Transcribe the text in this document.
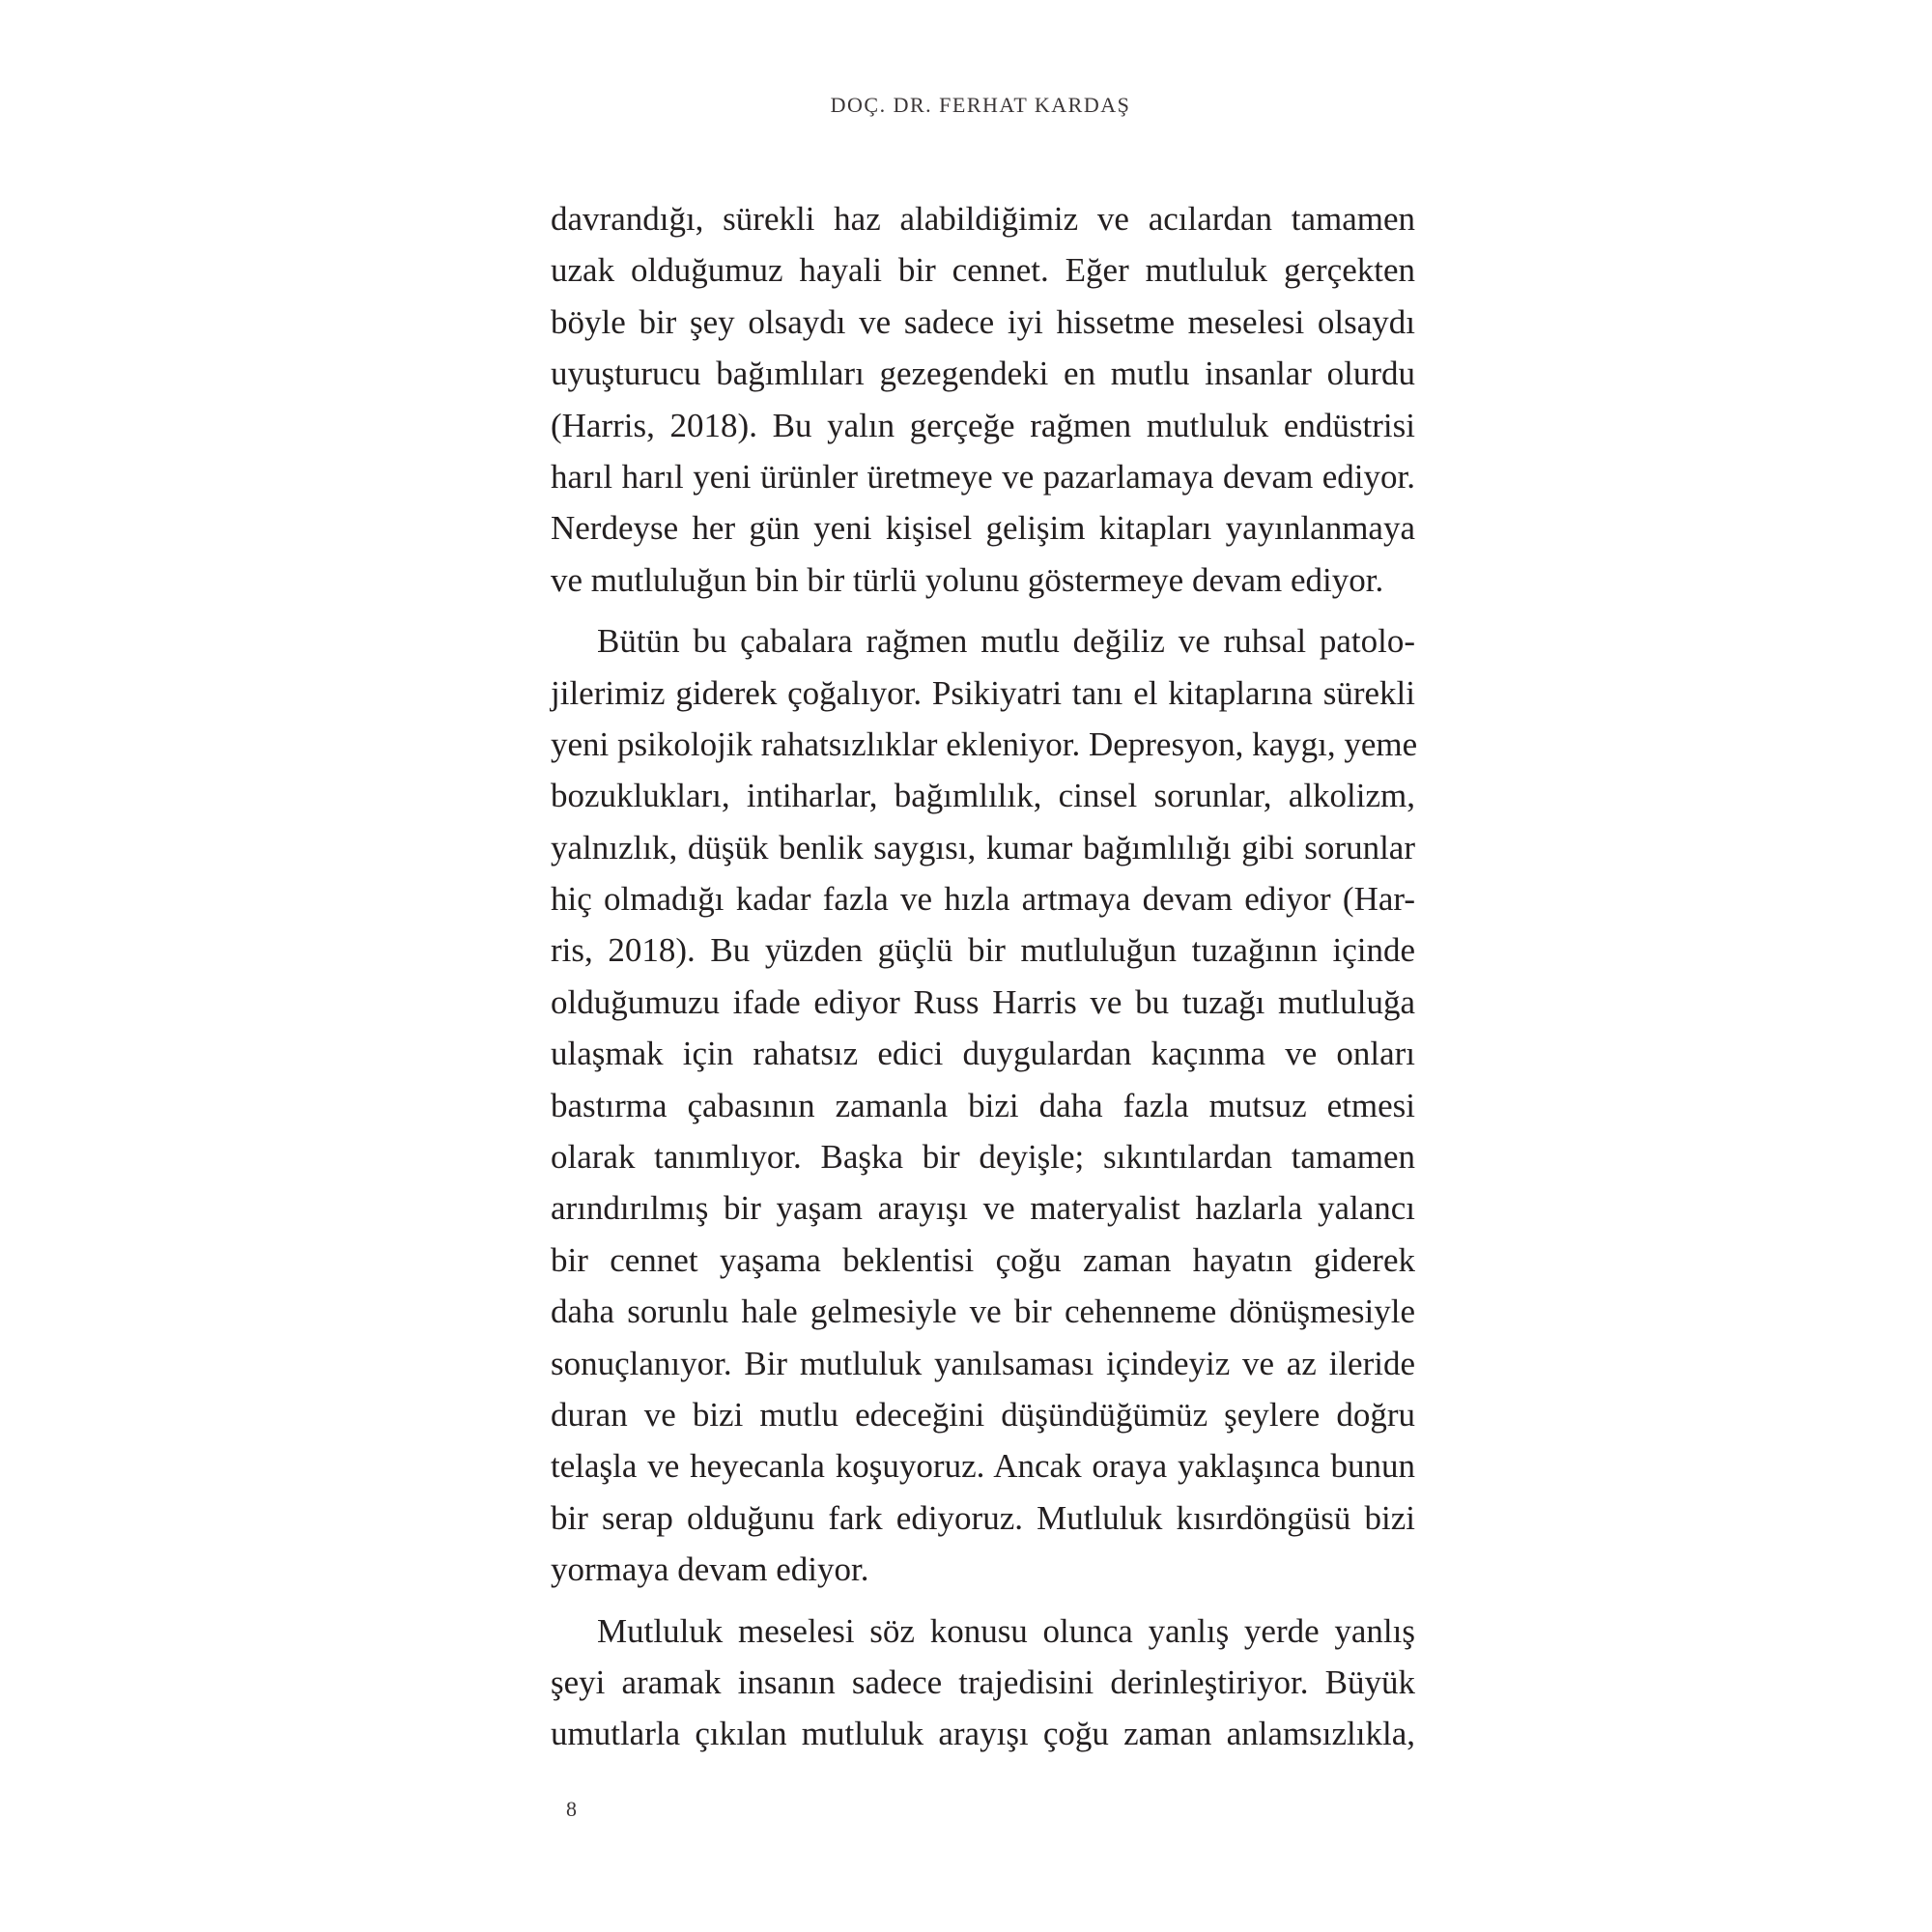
DOÇ. DR. FERHAT KARDAŞ
davrandığı, sürekli haz alabildiğimiz ve acılardan tamamen
uzak olduğumuz hayali bir cennet. Eğer mutluluk gerçekten
böyle bir şey olsaydı ve sadece iyi hissetme meselesi olsaydı
uyuşturucu bağımlıları gezegendeki en mutlu insanlar olurdu
(Harris, 2018). Bu yalın gerçeğe rağmen mutluluk endüstrisi
harıl harıl yeni ürünler üretmeye ve pazarlamaya devam ediyor.
Nerdeyse her gün yeni kişisel gelişim kitapları yayınlanmaya
ve mutluluğun bin bir türlü yolunu göstermeye devam ediyor.
Bütün bu çabalara rağmen mutlu değiliz ve ruhsal patolo-
jilerimiz giderek çoğalıyor. Psikiyatri tanı el kitaplarına sürekli
yeni psikolojik rahatsızlıklar ekleniyor. Depresyon, kaygı, yeme
bozuklukları, intiharlar, bağımlılık, cinsel sorunlar, alkolizm,
yalnızlık, düşük benlik saygısı, kumar bağımlılığı gibi sorunlar
hiç olmadığı kadar fazla ve hızla artmaya devam ediyor (Har-
ris, 2018). Bu yüzden güçlü bir mutluluğun tuzağının içinde
olduğumuzu ifade ediyor Russ Harris ve bu tuzağı mutluluğa
ulaşmak için rahatsız edici duygulardan kaçınma ve onları
bastırma çabasının zamanla bizi daha fazla mutsuz etmesi
olarak tanımlıyor. Başka bir deyişle; sıkıntılardan tamamen
arındırılmış bir yaşam arayışı ve materyalist hazlarla yalancı
bir cennet yaşama beklentisi çoğu zaman hayatın giderek
daha sorunlu hale gelmesiyle ve bir cehenneme dönüşmesiyle
sonuçlanıyor. Bir mutluluk yanılsaması içindeyiz ve az ileride
duran ve bizi mutlu edeceğini düşündüğümüz şeylere doğru
telaşla ve heyecanla koşuyoruz. Ancak oraya yaklaşınca bunun
bir serap olduğunu fark ediyoruz. Mutluluk kısırdöngüsü bizi
yormaya devam ediyor.
Mutluluk meselesi söz konusu olunca yanlış yerde yanlış
şeyi aramak insanın sadece trajedisini derinleştiriyor. Büyük
umutlarla çıkılan mutluluk arayışı çoğu zaman anlamsızlıkla,
8
